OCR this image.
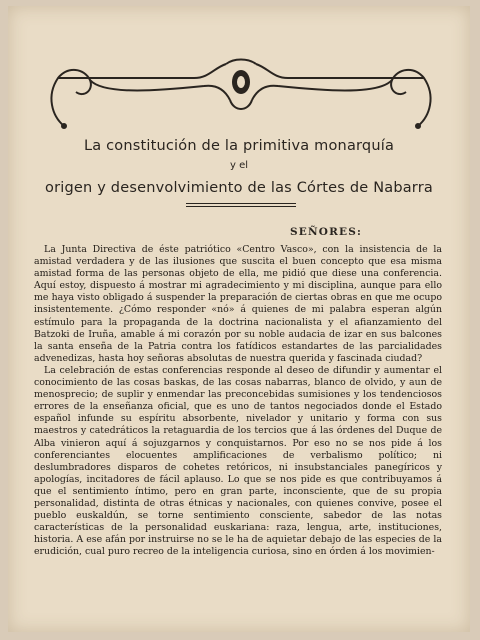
La constitución de la primitiva monarquía
y el
origen y desenvolvimiento de las Córtes de Nabarra
SEÑORES:

La Junta Directiva de éste patriótico «Centro Vasco», con la insistencia de la amistad verdadera y de las ilusiones que suscita el buen concepto que esa misma amistad forma de las personas objeto de ella, me pidió que diese una conferencia. Aquí estoy, dispuesto á mostrar mi agradecimiento y mi disciplina, aunque para ello me haya visto obligado á suspender la preparación de ciertas obras en que me ocupo insistentemente. ¿Cómo responder «nó» á quienes de mi palabra esperan algún estímulo para la propaganda de la doctrina nacionalista y el afianzamiento del Batzoki de Iruña, amable á mi corazón por su noble audacia de izar en sus balcones la santa enseña de la Patria contra los fatídicos estandartes de las parcialidades advenedizas, hasta hoy señoras absolutas de nuestra querida y fascinada ciudad?

La celebración de estas conferencias responde al deseo de difundir y aumentar el conocimiento de las cosas baskas, de las cosas nabarras, blanco de olvido, y aun de menosprecio; de suplir y enmendar las preconcebidas sumisiones y los tendenciosos errores de la enseñanza oficial, que es uno de tantos negociados donde el Estado español infunde su espíritu absorbente, nivelador y unitario y forma con sus maestros y catedráticos la retaguardia de los tercios que á las órdenes del Duque de Alba vinieron aquí á sojuzgarnos y conquistarnos. Por eso no se nos pide á los conferenciantes elocuentes amplificaciones de verbalismo político; ni deslumbradores disparos de cohetes retóricos, ni insubstanciales panegíricos y apologías, incitadores de fácil aplauso. Lo que se nos pide es que contribuyamos á que el sentimiento íntimo, pero en gran parte, inconsciente, que de su propia personalidad, distinta de otras étnicas y nacionales, con quienes convive, posee el pueblo euskaldún, se torne sentimiento consciente, sabedor de las notas características de la personalidad euskariana: raza, lengua, arte, instituciones, historia. A ese afán por instruirse no se le ha de aquietar debajo de las especies de la erudición, cual puro recreo de la inteligencia curiosa, sino en órden á los movimien-
